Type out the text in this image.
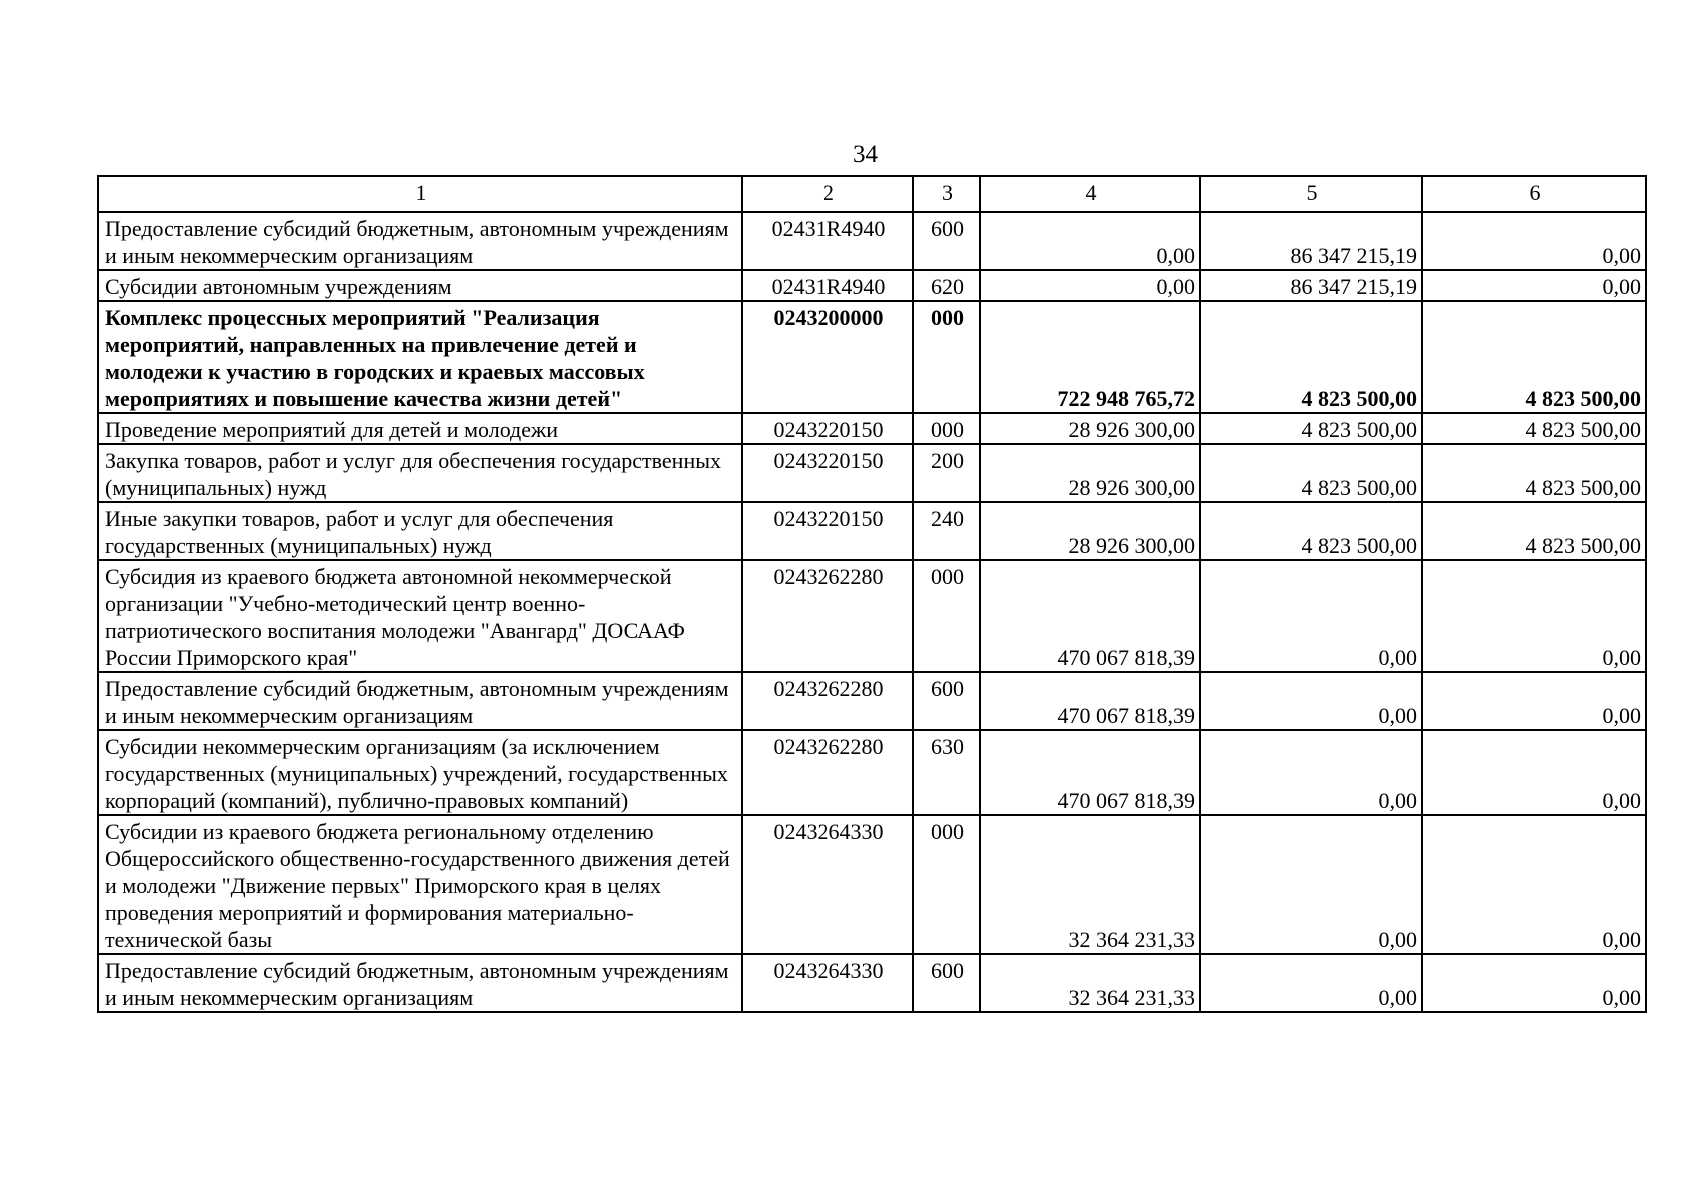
34
1	2	3	4	5	6
Предоставление субсидий бюджетным, автономным учреждениям и иным некоммерческим организациям	02431R4940	600	0,00	86 347 215,19	0,00
Субсидии автономным учреждениям	02431R4940	620	0,00	86 347 215,19	0,00
Комплекс процессных мероприятий "Реализация мероприятий, направленных на привлечение детей и молодежи к участию в городских и краевых массовых мероприятиях и повышение качества жизни детей"	0243200000	000	722 948 765,72	4 823 500,00	4 823 500,00
Проведение мероприятий для детей и молодежи	0243220150	000	28 926 300,00	4 823 500,00	4 823 500,00
Закупка товаров, работ и услуг для обеспечения государственных (муниципальных) нужд	0243220150	200	28 926 300,00	4 823 500,00	4 823 500,00
Иные закупки товаров, работ и услуг для обеспечения государственных (муниципальных) нужд	0243220150	240	28 926 300,00	4 823 500,00	4 823 500,00
Субсидия из краевого бюджета автономной некоммерческой организации "Учебно-методический центр военно-патриотического воспитания молодежи "Авангард" ДОСААФ России Приморского края"	0243262280	000	470 067 818,39	0,00	0,00
Предоставление субсидий бюджетным, автономным учреждениям и иным некоммерческим организациям	0243262280	600	470 067 818,39	0,00	0,00
Субсидии некоммерческим организациям (за исключением государственных (муниципальных) учреждений, государственных корпораций (компаний), публично-правовых компаний)	0243262280	630	470 067 818,39	0,00	0,00
Субсидии из краевого бюджета региональному отделению Общероссийского общественно-государственного движения детей и молодежи "Движение первых" Приморского края в целях проведения мероприятий и формирования материально-технической базы	0243264330	000	32 364 231,33	0,00	0,00
Предоставление субсидий бюджетным, автономным учреждениям и иным некоммерческим организациям	0243264330	600	32 364 231,33	0,00	0,00
